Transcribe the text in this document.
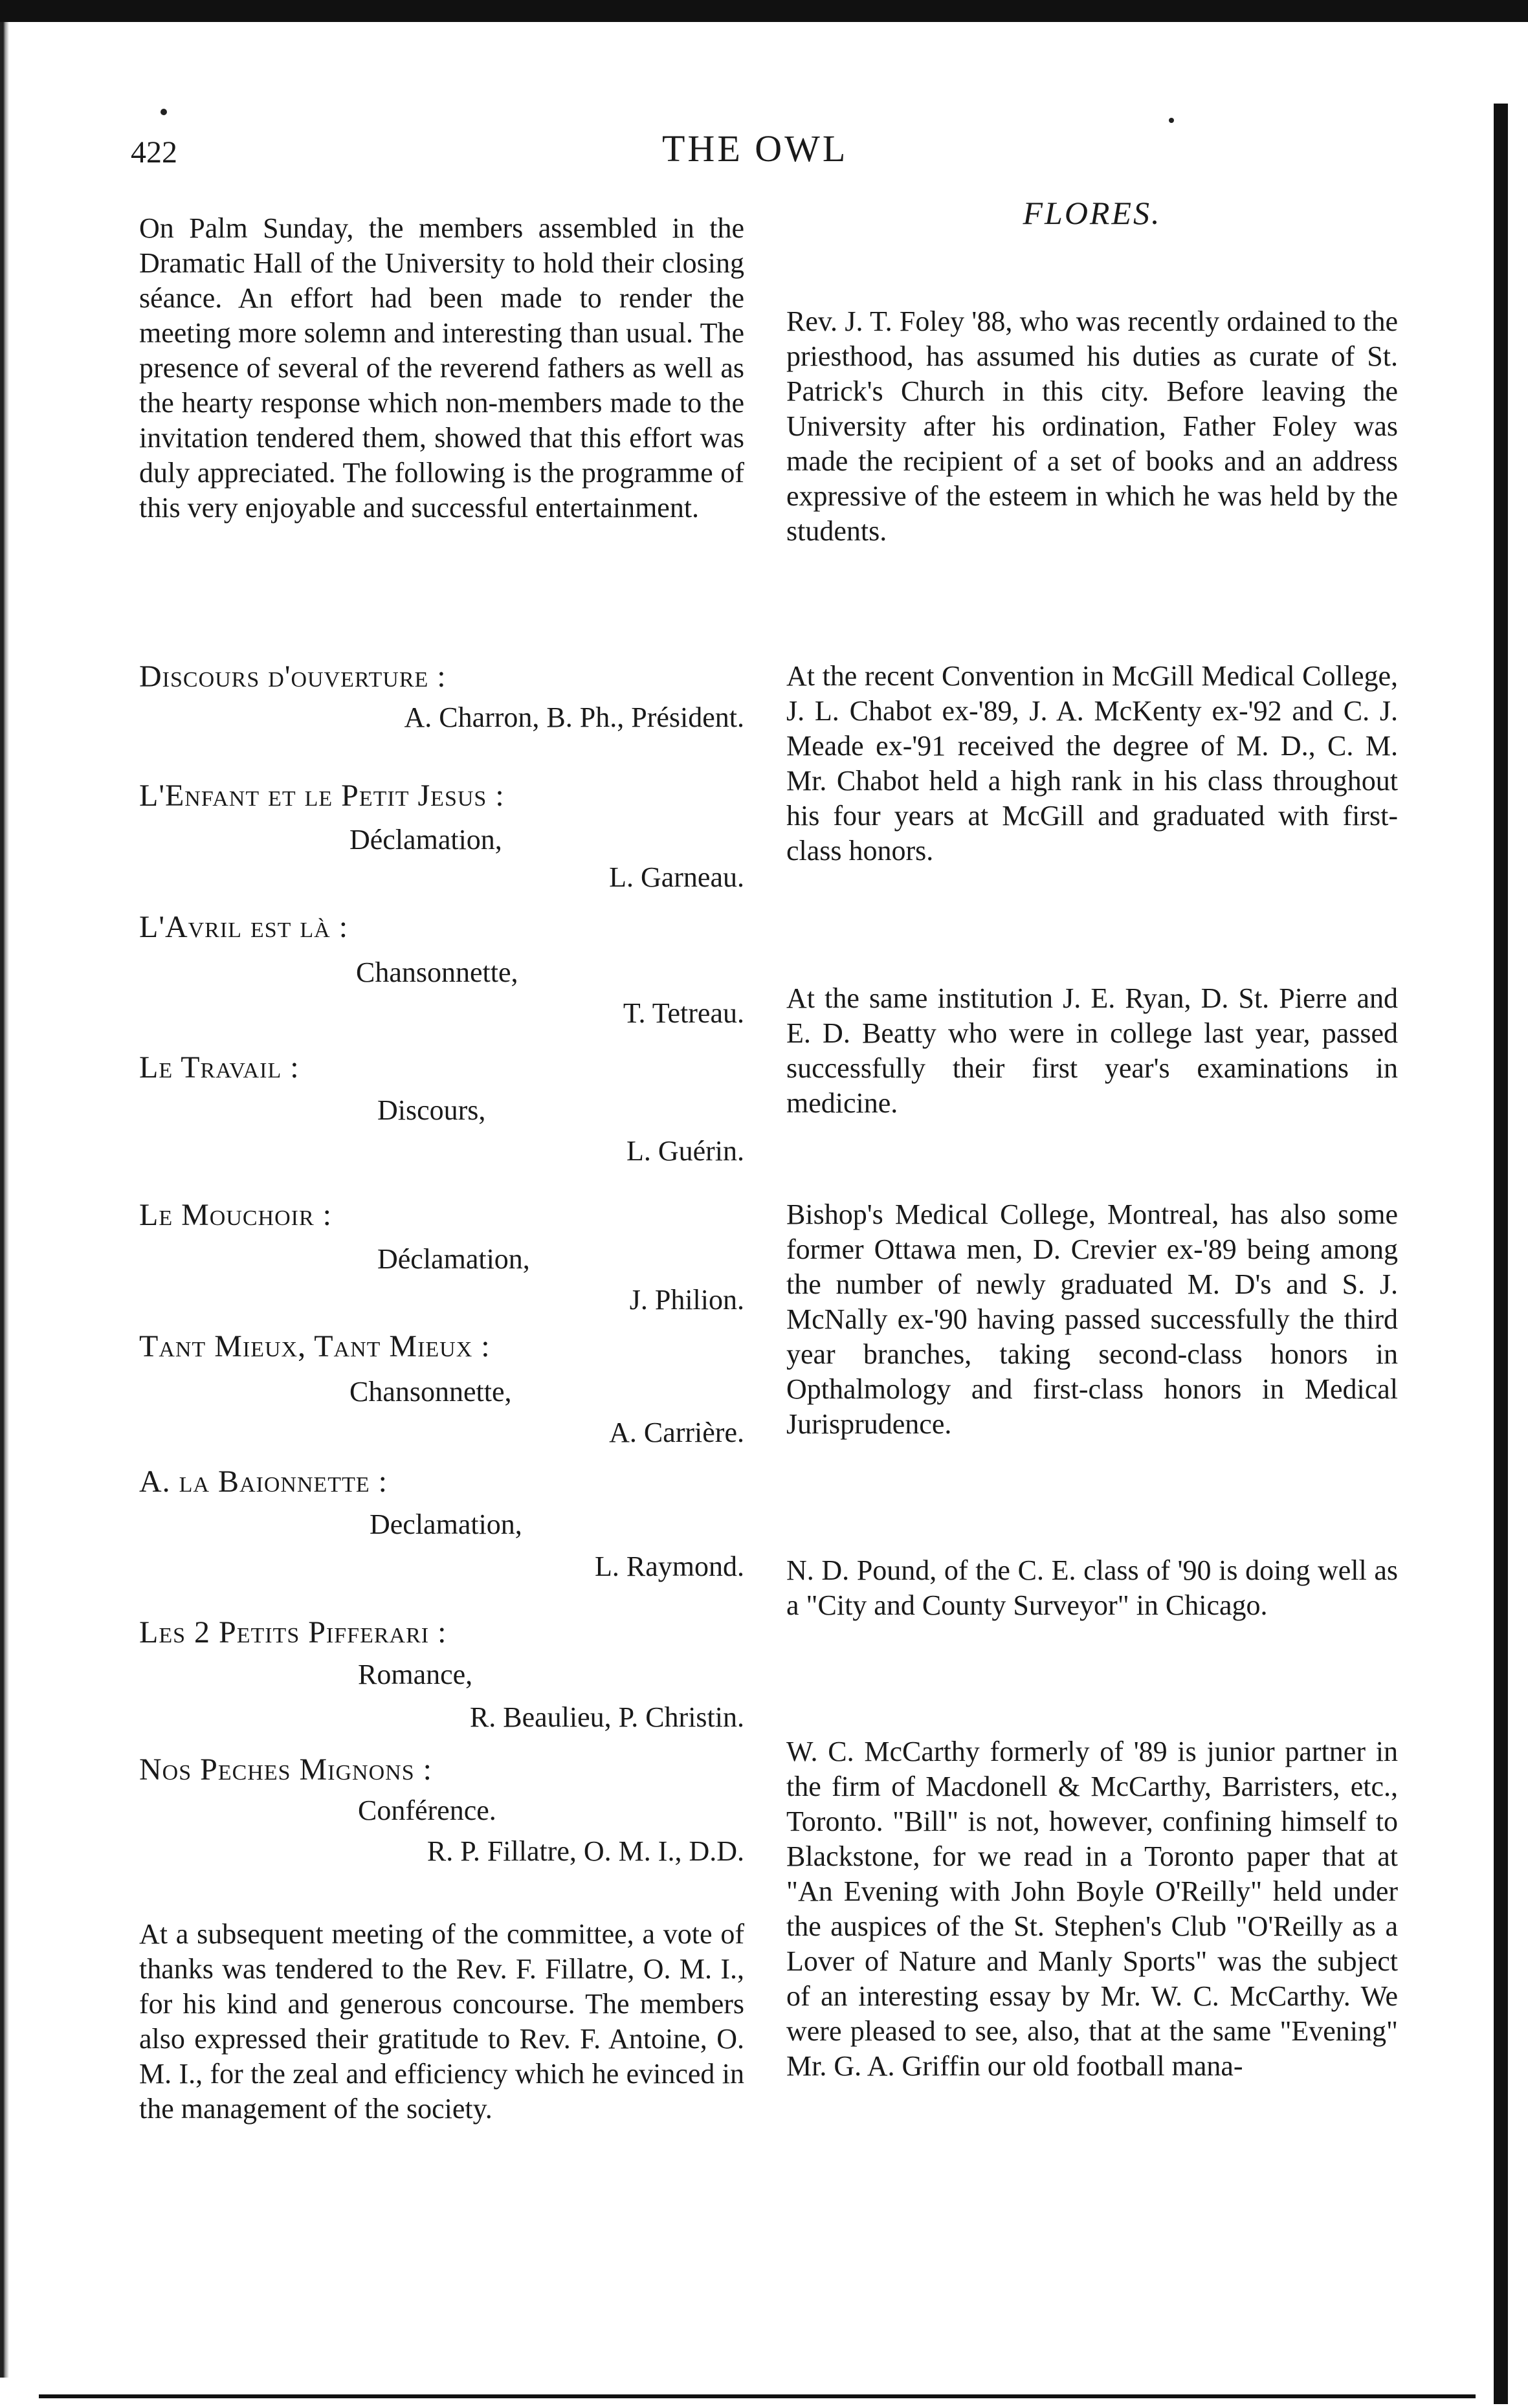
422	THE OWL

On Palm Sunday, the members assembled in the Dramatic Hall of the University to hold their closing séance. An effort had been made to render the meeting more solemn and interesting than usual. The presence of several of the reverend fathers as well as the hearty response which non-members made to the invitation tendered them, showed that this effort was duly appreciated. The following is the programme of this very enjoyable and successful entertainment.

Discours d'ouverture :
A. Charron, B. Ph., Président.
L'Enfant et le Petit Jesus :
Déclamation,
L. Garneau.
L'Avril est là :
Chansonnette,
T. Tetreau.
Le Travail :
Discours,
L. Guérin.
Le Mouchoir :
Déclamation,
J. Philion.
Tant Mieux, Tant Mieux :
Chansonnette,
A. Carrière.
A. la Baionnette :
Declamation,
L. Raymond.
Les 2 Petits Pifferari :
Romance,
R. Beaulieu, P. Christin.
Nos Peches Mignons :
Conférence.
R. P. Fillatre, O. M. I., D.D.

At a subsequent meeting of the committee, a vote of thanks was tendered to the Rev. F. Fillatre, O. M. I., for his kind and generous concourse. The members also expressed their gratitude to Rev. F. Antoine, O. M. I., for the zeal and efficiency which he evinced in the management of the society.

FLORES.

Rev. J. T. Foley '88, who was recently ordained to the priesthood, has assumed his duties as curate of St. Patrick's Church in this city. Before leaving the University after his ordination, Father Foley was made the recipient of a set of books and an address expressive of the esteem in which he was held by the students.

At the recent Convention in McGill Medical College, J. L. Chabot ex-'89, J. A. McKenty ex-'92 and C. J. Meade ex-'91 received the degree of M. D., C. M. Mr. Chabot held a high rank in his class throughout his four years at McGill and graduated with first-class honors.

At the same institution J. E. Ryan, D. St. Pierre and E. D. Beatty who were in college last year, passed successfully their first year's examinations in medicine.

Bishop's Medical College, Montreal, has also some former Ottawa men, D. Crevier ex-'89 being among the number of newly graduated M. D's and S. J. McNally ex-'90 having passed successfully the third year branches, taking second-class honors in Opthalmology and first-class honors in Medical Jurisprudence.

N. D. Pound, of the C. E. class of '90 is doing well as a "City and County Surveyor" in Chicago.

W. C. McCarthy formerly of '89 is junior partner in the firm of Macdonell & McCarthy, Barristers, etc., Toronto. "Bill" is not, however, confining himself to Blackstone, for we read in a Toronto paper that at "An Evening with John Boyle O'Reilly" held under the auspices of the St. Stephen's Club "O'Reilly as a Lover of Nature and Manly Sports" was the subject of an interesting essay by Mr. W. C. McCarthy. We were pleased to see, also, that at the same "Evening" Mr. G. A. Griffin our old football mana-
